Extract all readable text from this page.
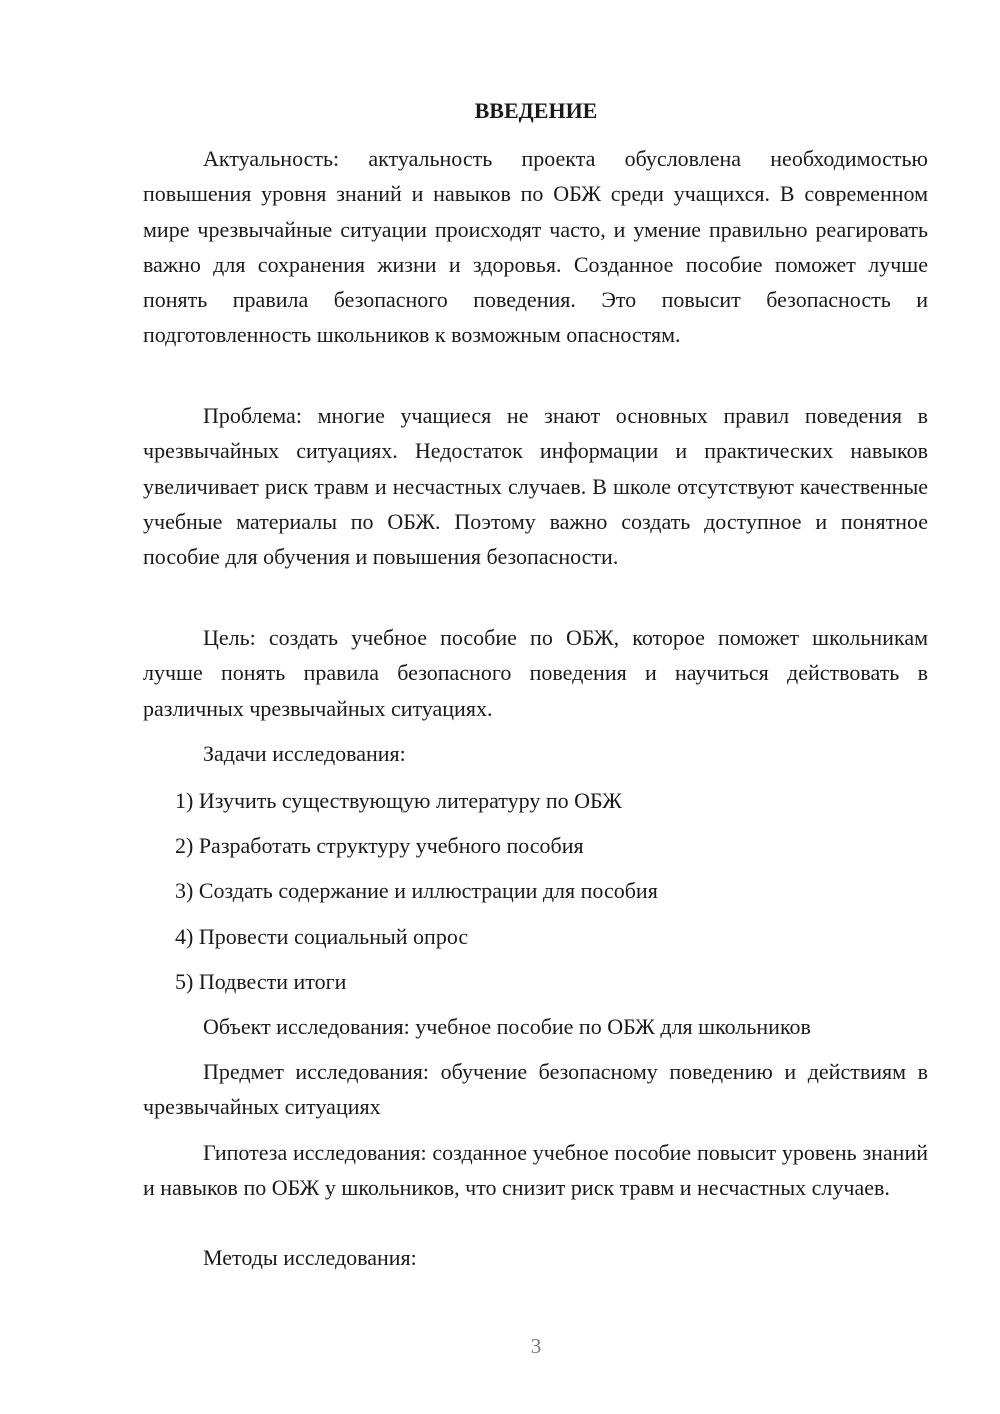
ВВЕДЕНИЕ

Актуальность: актуальность проекта обусловлена необходимостью повышения уровня знаний и навыков по ОБЖ среди учащихся. В современном мире чрезвычайные ситуации происходят часто, и умение правильно реагировать важно для сохранения жизни и здоровья. Созданное пособие поможет лучше понять правила безопасного поведения. Это повысит безопасность и подготовленность школьников к возможным опасностям.

Проблема: многие учащиеся не знают основных правил поведения в чрезвычайных ситуациях. Недостаток информации и практических навыков увеличивает риск травм и несчастных случаев. В школе отсутствуют качественные учебные материалы по ОБЖ. Поэтому важно создать доступное и понятное пособие для обучения и повышения безопасности.

Цель: создать учебное пособие по ОБЖ, которое поможет школьникам лучше понять правила безопасного поведения и научиться действовать в различных чрезвычайных ситуациях.

Задачи исследования:

1) Изучить существующую литературу по ОБЖ

2) Разработать структуру учебного пособия

3) Создать содержание и иллюстрации для пособия

4) Провести социальный опрос

5) Подвести итоги

Объект исследования: учебное пособие по ОБЖ для школьников

Предмет исследования: обучение безопасному поведению и действиям в чрезвычайных ситуациях

Гипотеза исследования: созданное учебное пособие повысит уровень знаний и навыков по ОБЖ у школьников, что снизит риск травм и несчастных случаев.

Методы исследования:

3
